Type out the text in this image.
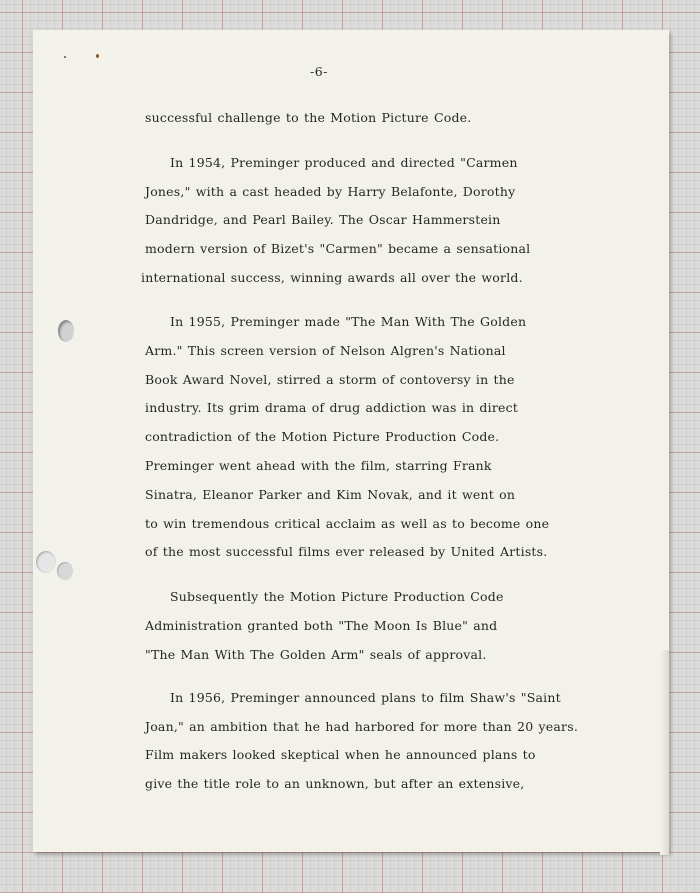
-6-
successful challenge to the Motion Picture Code.
In 1954, Preminger produced and directed "Carmen
Jones," with a cast headed by Harry Belafonte, Dorothy
Dandridge, and Pearl Bailey. The Oscar Hammerstein
modern version of Bizet's "Carmen" became a sensational
international success, winning awards all over the world.
In 1955, Preminger made "The Man With The Golden
Arm." This screen version of Nelson Algren's National
Book Award Novel, stirred a storm of contoversy in the
industry. Its grim drama of drug addiction was in direct
contradiction of the Motion Picture Production Code.
Preminger went ahead with the film, starring Frank
Sinatra, Eleanor Parker and Kim Novak, and it went on
to win tremendous critical acclaim as well as to become one
of the most successful films ever released by United Artists.
Subsequently the Motion Picture Production Code
Administration granted both "The Moon Is Blue" and
"The Man With The Golden Arm" seals of approval.
In 1956, Preminger announced plans to film Shaw's "Saint
Joan," an ambition that he had harbored for more than 20 years.
Film makers looked skeptical when he announced plans to
give the title role to an unknown, but after an extensive,
